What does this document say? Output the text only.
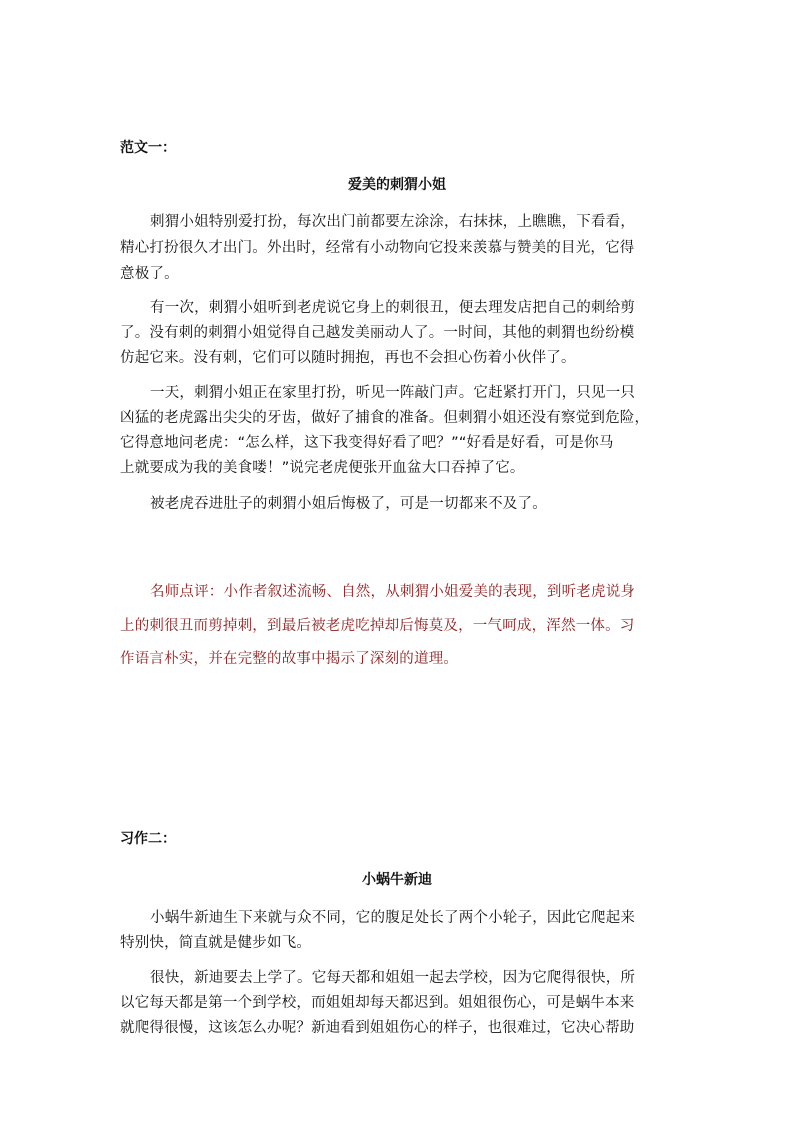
范文一：
爱美的刺猬小姐
刺猬小姐特别爱打扮，每次出门前都要左涂涂，右抹抹，上瞧瞧，下看看，
精心打扮很久才出门。外出时，经常有小动物向它投来羡慕与赞美的目光，它得
意极了。
有一次，刺猬小姐听到老虎说它身上的刺很丑，便去理发店把自己的刺给剪
了。没有刺的刺猬小姐觉得自己越发美丽动人了。一时间，其他的刺猬也纷纷模
仿起它来。没有刺，它们可以随时拥抱，再也不会担心伤着小伙伴了。
一天，刺猬小姐正在家里打扮，听见一阵敲门声。它赶紧打开门，只见一只
凶猛的老虎露出尖尖的牙齿，做好了捕食的准备。但刺猬小姐还没有察觉到危险，
它得意地问老虎：“怎么样，这下我变得好看了吧？”“好看是好看，可是你马
上就要成为我的美食喽！”说完老虎便张开血盆大口吞掉了它。
被老虎吞进肚子的刺猬小姐后悔极了，可是一切都来不及了。
名师点评：小作者叙述流畅、自然，从刺猬小姐爱美的表现，到听老虎说身
上的刺很丑而剪掉刺，到最后被老虎吃掉却后悔莫及，一气呵成，浑然一体。习
作语言朴实，并在完整的故事中揭示了深刻的道理。
习作二：
小蜗牛新迪
小蜗牛新迪生下来就与众不同，它的腹足处长了两个小轮子，因此它爬起来
特别快，简直就是健步如飞。
很快，新迪要去上学了。它每天都和姐姐一起去学校，因为它爬得很快，所
以它每天都是第一个到学校，而姐姐却每天都迟到。姐姐很伤心，可是蜗牛本来
就爬得很慢，这该怎么办呢？新迪看到姐姐伤心的样子，也很难过，它决心帮助
